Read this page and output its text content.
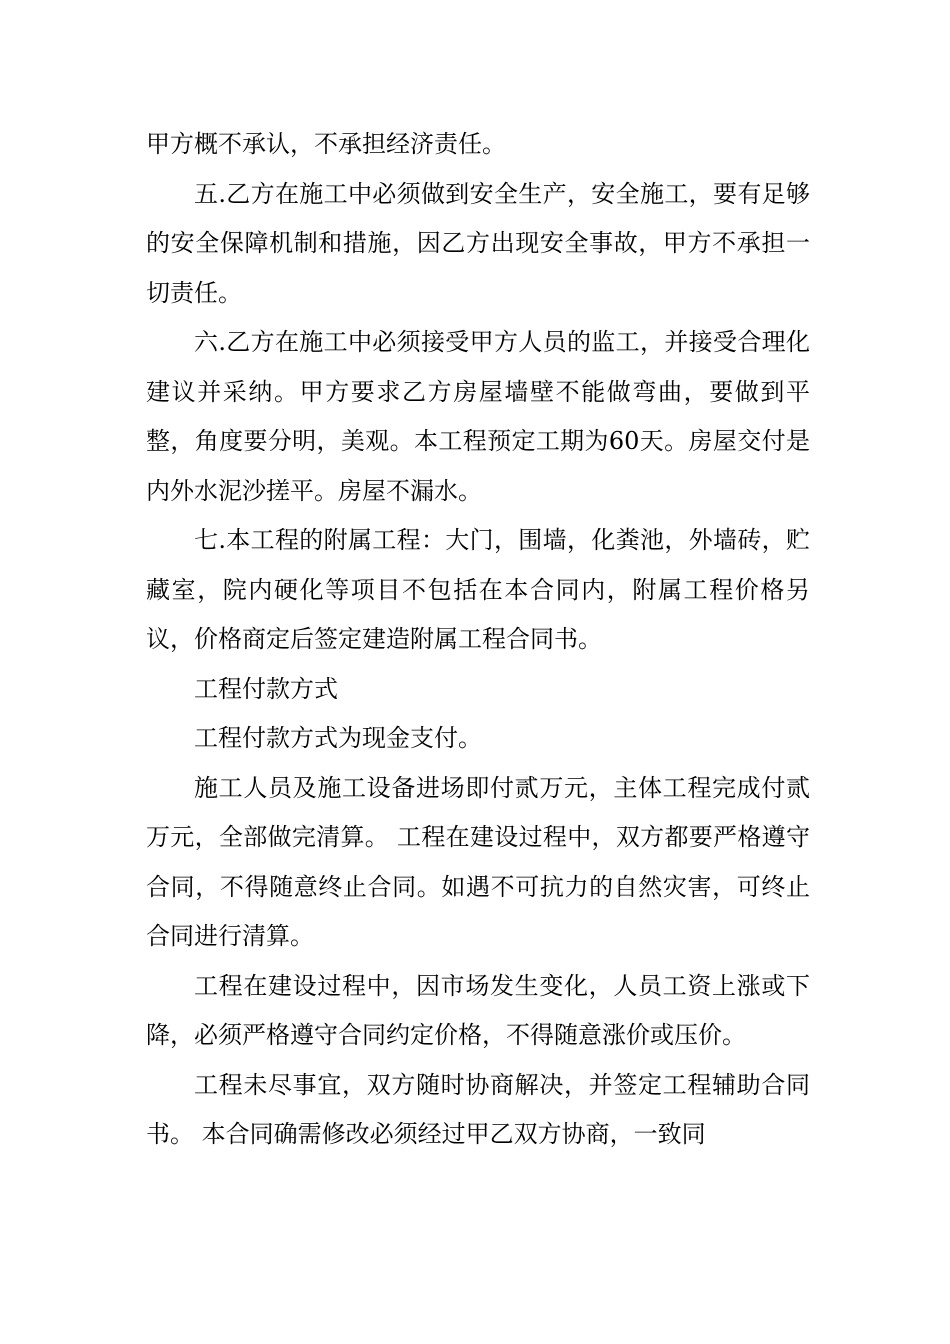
甲方概不承认，不承担经济责任。

五.乙方在施工中必须做到安全生产，安全施工，要有足够的安全保障机制和措施，因乙方出现安全事故，甲方不承担一切责任。

六.乙方在施工中必须接受甲方人员的监工，并接受合理化建议并采纳。甲方要求乙方房屋墙壁不能做弯曲，要做到平整，角度要分明，美观。本工程预定工期为60天。房屋交付是内外水泥沙搓平。房屋不漏水。

七.本工程的附属工程：大门，围墙，化粪池，外墙砖，贮藏室，院内硬化等项目不包括在本合同内，附属工程价格另议，价格商定后签定建造附属工程合同书。

工程付款方式

工程付款方式为现金支付。

施工人员及施工设备进场即付贰万元，主体工程完成付贰万元，全部做完清算。 工程在建设过程中，双方都要严格遵守合同，不得随意终止合同。如遇不可抗力的自然灾害，可终止合同进行清算。

工程在建设过程中，因市场发生变化，人员工资上涨或下降，必须严格遵守合同约定价格，不得随意涨价或压价。

工程未尽事宜，双方随时协商解决，并签定工程辅助合同书。 本合同确需修改必须经过甲乙双方协商，一致同
